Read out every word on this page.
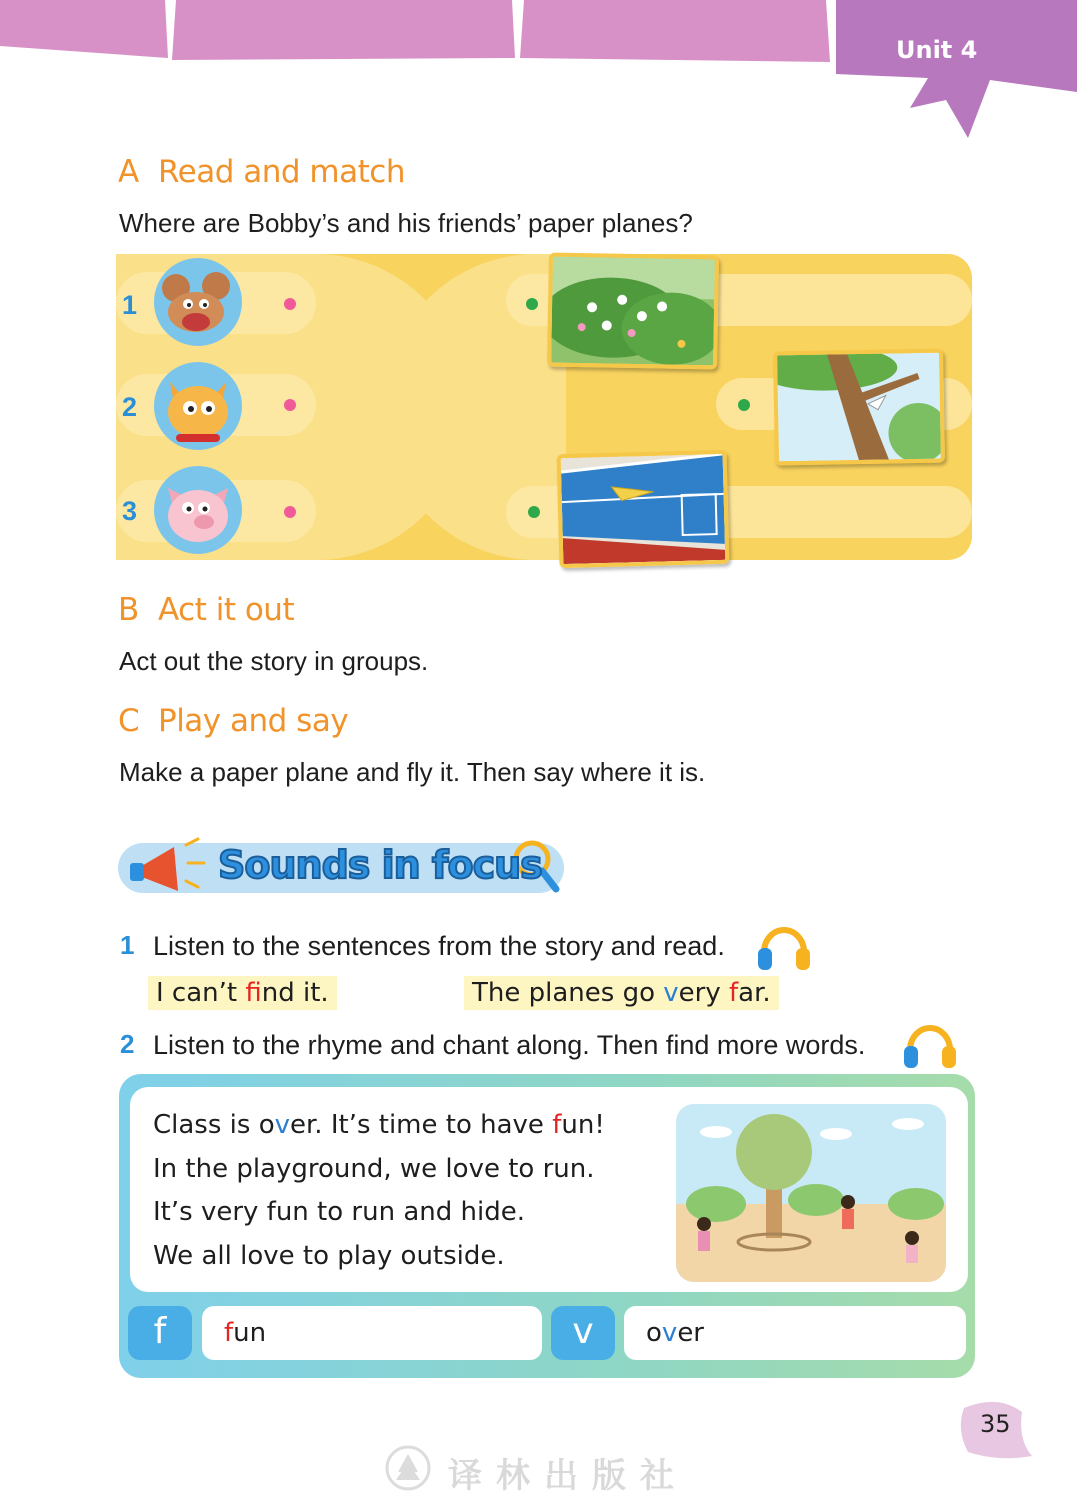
Unit 4
A Read and match
Where are Bobby’s and his friends’ paper planes?
1
2
3
B Act it out
Act out the story in groups.
C Play and say
Make a paper plane and fly it. Then say where it is.
Sounds in focus
1 Listen to the sentences from the story and read.
I can’t find it.	The planes go very far.
2 Listen to the rhyme and chant along. Then find more words.
Class is over. It’s time to have fun!
In the playground, we love to run.
It’s very fun to run and hide.
We all love to play outside.
f	fun	v	over
35
译林出版社
